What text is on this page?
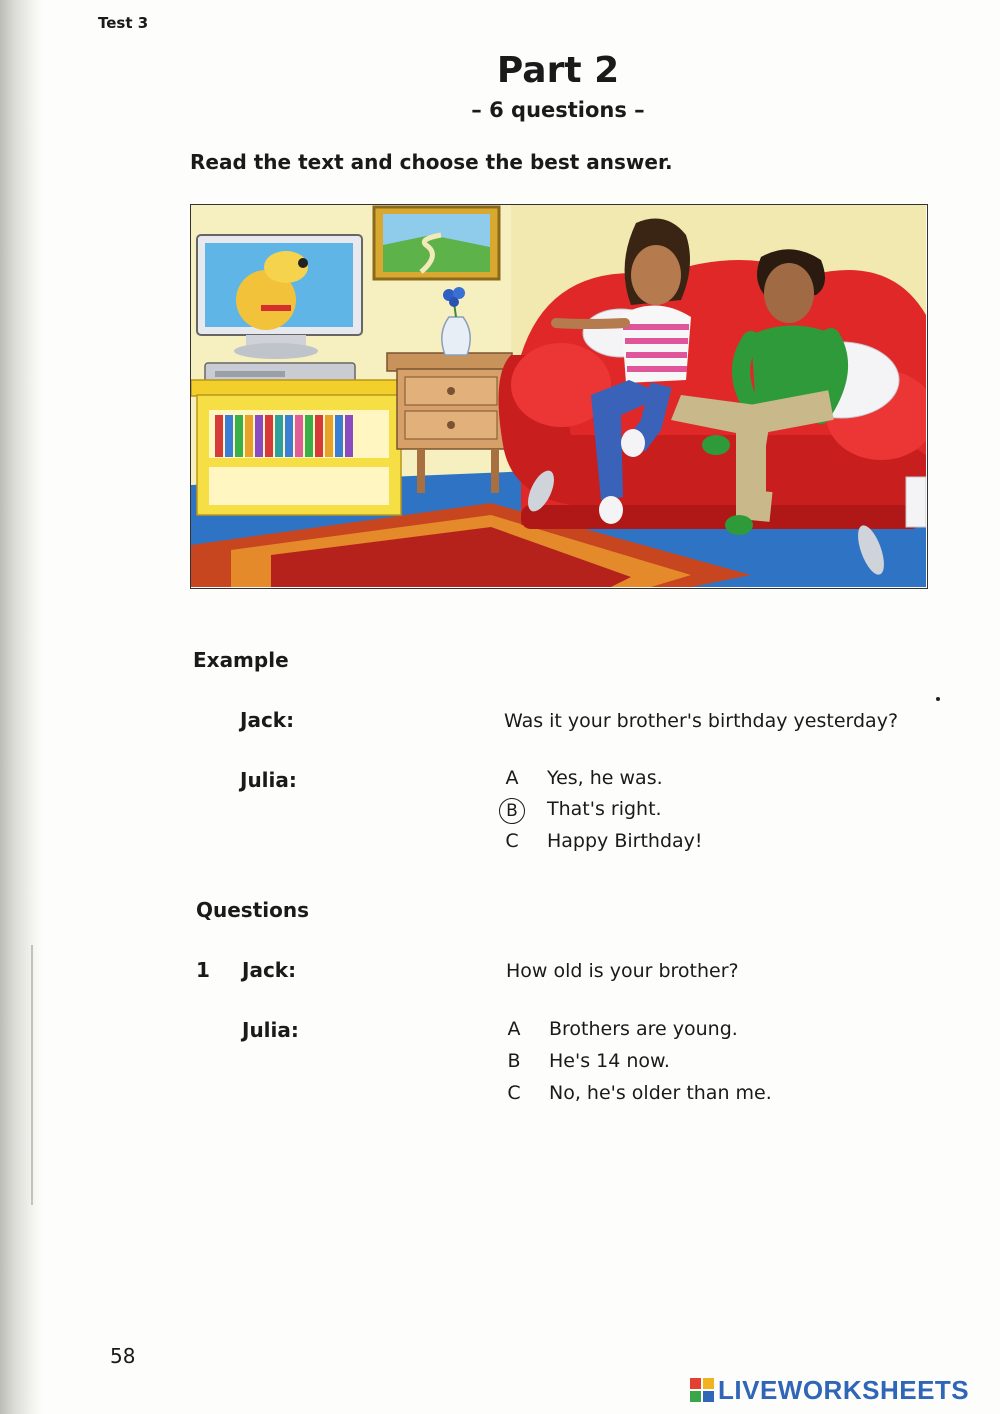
Test 3
Part 2
– 6 questions –
Read the text and choose the best answer.
Example
Jack:	Was it your brother's birthday yesterday?
Julia:	A	Yes, he was.
B	That's right.
C	Happy Birthday!
Questions
1 Jack:	How old is your brother?
Julia:	A	Brothers are young.
B	He's 14 now.
C	No, he's older than me.
58
LIVEWORKSHEETS
